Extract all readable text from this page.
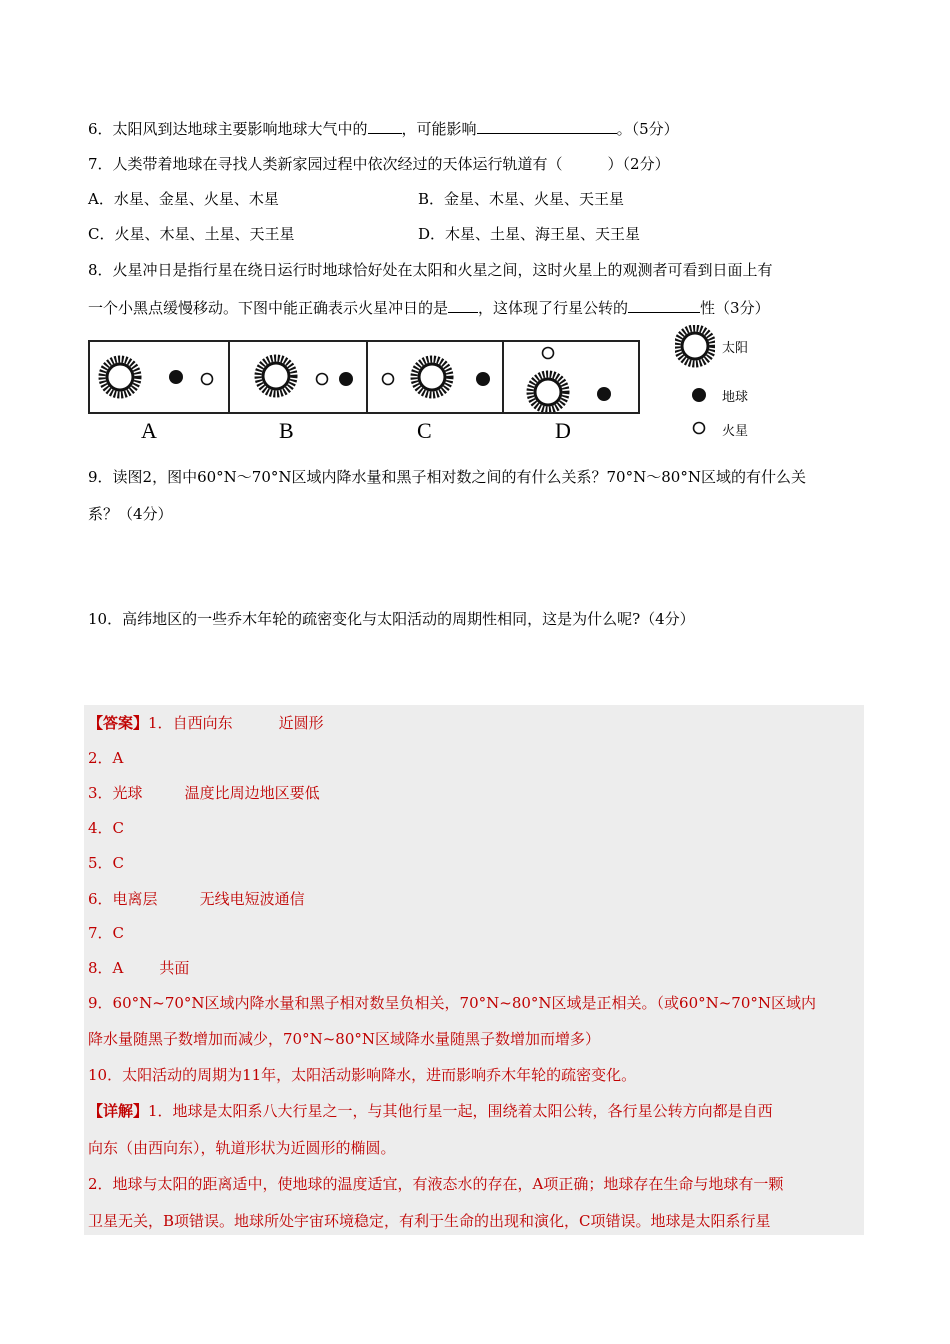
6．太阳风到达地球主要影响地球大气中的 ，可能影响	。（5分）
7．人类带着地球在寻找人类新家园过程中依次经过的天体运行轨道有（　　　）（2分）
A．水星、金星、火星、木星	B．金星、木星、火星、天王星
C．火星、木星、土星、天王星	D．木星、土星、海王星、天王星
8．火星冲日是指行星在绕日运行时地球恰好处在太阳和火星之间，这时火星上的观测者可看到日面上有
一个小黑点缓慢移动。下图中能正确表示火星冲日的是 ，这体现了行星公转的	性（3分）
A	B	C	D
太阳
地球
火星
9．读图2，图中60°N～70°N区域内降水量和黑子相对数之间的有什么关系？70°N～80°N区域的有什么关
系？（4分）
10．高纬地区的一些乔木年轮的疏密变化与太阳活动的周期性相同，这是为什么呢?（4分）
【答案】1．自西向东	近圆形
2．A
3．光球	温度比周边地区要低
4．C
5．C
6．电离层	无线电短波通信
7．C
8．A 共面
9．60°N~70°N区域内降水量和黑子相对数呈负相关，70°N~80°N区域是正相关。（或60°N~70°N区域内
降水量随黑子数增加而减少，70°N~80°N区域降水量随黑子数增加而增多）
10．太阳活动的周期为11年，太阳活动影响降水，进而影响乔木年轮的疏密变化。
【详解】1．地球是太阳系八大行星之一，与其他行星一起，围绕着太阳公转，各行星公转方向都是自西
向东（由西向东），轨道形状为近圆形的椭圆。
2．地球与太阳的距离适中，使地球的温度适宜，有液态水的存在，A项正确；地球存在生命与地球有一颗
卫星无关，B项错误。地球所处宇宙环境稳定，有利于生命的出现和演化，C项错误。地球是太阳系行星
